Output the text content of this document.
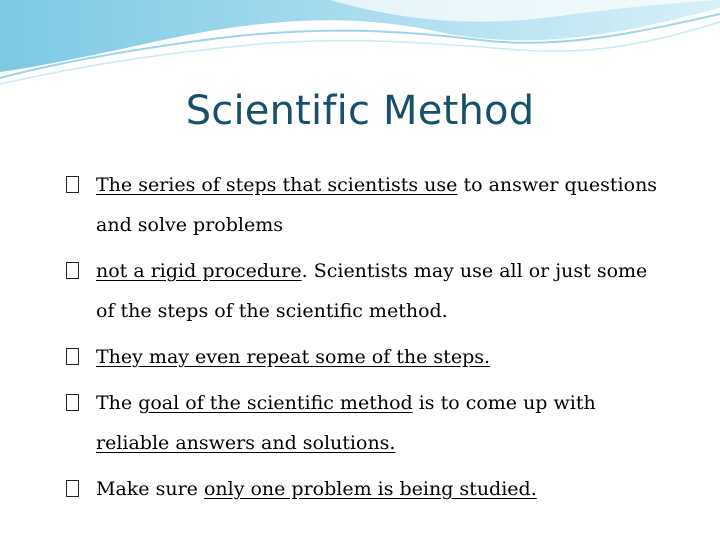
Scientific Method
The series of steps that scientists use to answer questions and solve problems
not a rigid procedure. Scientists may use all or just some of the steps of the scientific method.
They may even repeat some of the steps.
The goal of the scientific method is to come up with reliable answers and solutions.
Make sure only one problem is being studied.
